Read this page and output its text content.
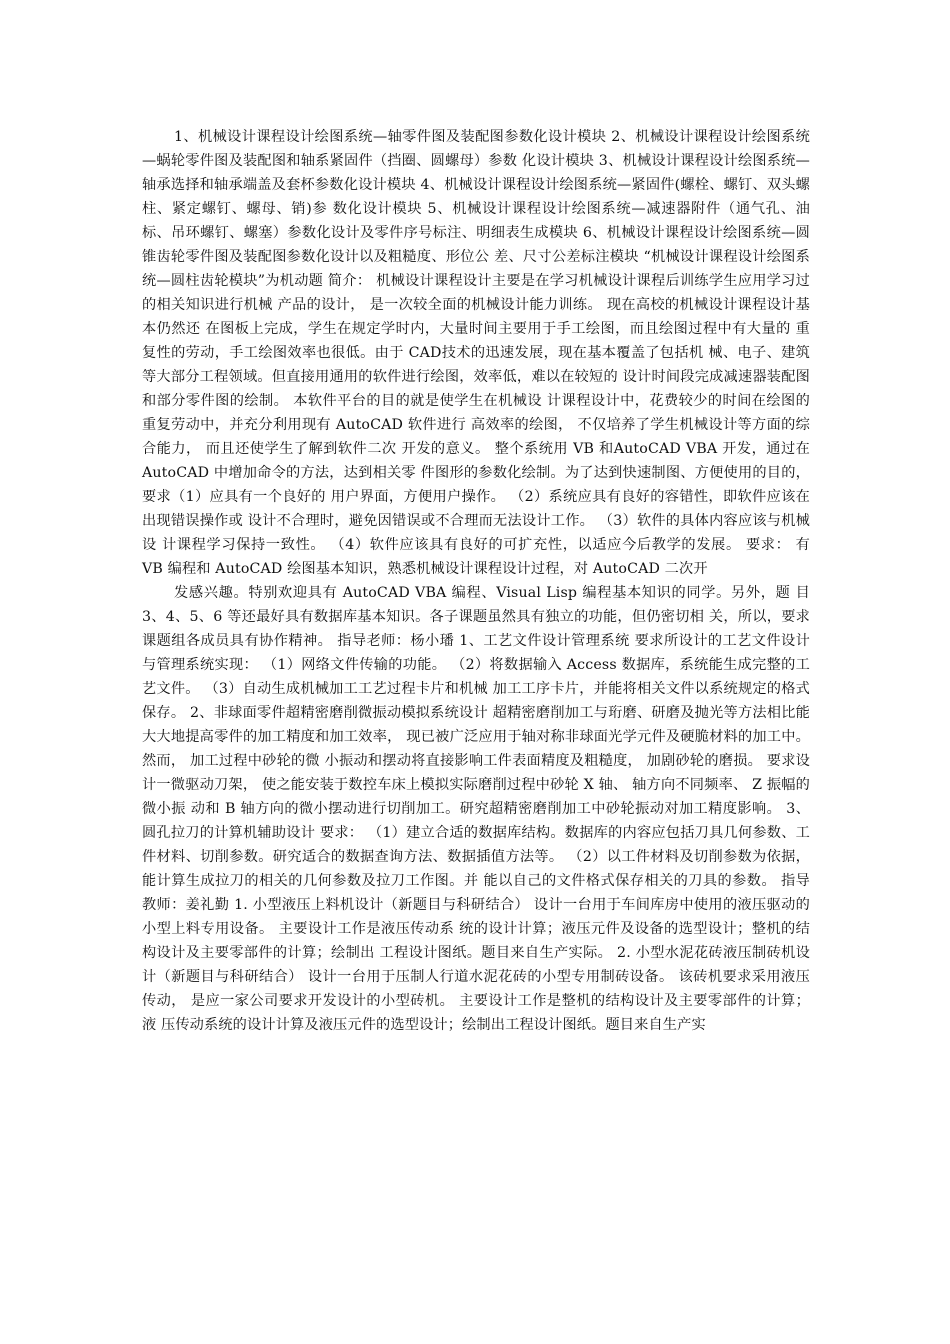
1、机械设计课程设计绘图系统—轴零件图及装配图参数化设计模块 2、机械设计课程设计绘图系统—蜗轮零件图及装配图和轴系紧固件（挡圈、圆螺母）参数 化设计模块 3、机械设计课程设计绘图系统—轴承选择和轴承端盖及套杯参数化设计模块 4、机械设计课程设计绘图系统—紧固件(螺栓、螺钉、双头螺柱、紧定螺钉、螺母、销)参 数化设计模块 5、机械设计课程设计绘图系统—减速器附件（通气孔、油标、吊环螺钉、螺塞）参数化设计及零件序号标注、明细表生成模块 6、机械设计课程设计绘图系统—圆锥齿轮零件图及装配图参数化设计以及粗糙度、形位公 差、尺寸公差标注模块 “机械设计课程设计绘图系统—圆柱齿轮模块”为机动题 简介： 机械设计课程设计主要是在学习机械设计课程后训练学生应用学习过的相关知识进行机械 产品的设计， 是一次较全面的机械设计能力训练。 现在高校的机械设计课程设计基本仍然还 在图板上完成，学生在规定学时内，大量时间主要用于手工绘图，而且绘图过程中有大量的 重复性的劳动，手工绘图效率也很低。由于 CAD技术的迅速发展，现在基本覆盖了包括机 械、电子、建筑等大部分工程领域。但直接用通用的软件进行绘图，效率低，难以在较短的 设计时间段完成减速器装配图和部分零件图的绘制。 本软件平台的目的就是使学生在机械设 计课程设计中，花费较少的时间在绘图的重复劳动中，并充分利用现有 AutoCAD 软件进行 高效率的绘图， 不仅培养了学生机械设计等方面的综合能力， 而且还使学生了解到软件二次 开发的意义。 整个系统用 VB 和AutoCAD VBA 开发，通过在 AutoCAD 中增加命令的方法，达到相关零 件图形的参数化绘制。为了达到快速制图、方便使用的目的，要求（1）应具有一个良好的 用户界面，方便用户操作。 （2）系统应具有良好的容错性，即软件应该在出现错误操作或 设计不合理时，避免因错误或不合理而无法设计工作。 （3）软件的具体内容应该与机械设 计课程学习保持一致性。 （4）软件应该具有良好的可扩充性，以适应今后教学的发展。 要求： 有 VB 编程和 AutoCAD 绘图基本知识，熟悉机械设计课程设计过程，对 AutoCAD 二次开

发感兴趣。特别欢迎具有 AutoCAD VBA 编程、Visual Lisp 编程基本知识的同学。另外，题 目 3、4、5、6 等还最好具有数据库基本知识。各子课题虽然具有独立的功能，但仍密切相 关，所以，要求课题组各成员具有协作精神。 指导老师：杨小璠 1、工艺文件设计管理系统 要求所设计的工艺文件设计与管理系统实现： （1）网络文件传输的功能。 （2）将数据输入 Access 数据库，系统能生成完整的工艺文件。 （3）自动生成机械加工工艺过程卡片和机械 加工工序卡片，并能将相关文件以系统规定的格式保存。 2、非球面零件超精密磨削微振动模拟系统设计 超精密磨削加工与珩磨、研磨及抛光等方法相比能大大地提高零件的加工精度和加工效率， 现已被广泛应用于轴对称非球面光学元件及硬脆材料的加工中。 然而， 加工过程中砂轮的微 小振动和摆动将直接影响工件表面精度及粗糙度， 加剧砂轮的磨损。 要求设计一微驱动刀架， 使之能安装于数控车床上模拟实际磨削过程中砂轮 X 轴、 轴方向不同频率、 Z 振幅的微小振 动和 B 轴方向的微小摆动进行切削加工。研究超精密磨削加工中砂轮振动对加工精度影响。 3、圆孔拉刀的计算机辅助设计 要求： （1）建立合适的数据库结构。数据库的内容应包括刀具几何参数、工件材料、切削参数。研究适合的数据查询方法、数据插值方法等。 （2）以工件材料及切削参数为依据，能计算生成拉刀的相关的几何参数及拉刀工作图。并 能以自己的文件格式保存相关的刀具的参数。 指导教师：姜礼勤 1. 小型液压上料机设计（新题目与科研结合） 设计一台用于车间库房中使用的液压驱动的小型上料专用设备。 主要设计工作是液压传动系 统的设计计算；液压元件及设备的选型设计；整机的结构设计及主要零部件的计算；绘制出 工程设计图纸。题目来自生产实际。 2. 小型水泥花砖液压制砖机设计（新题目与科研结合） 设计一台用于压制人行道水泥花砖的小型专用制砖设备。 该砖机要求采用液压传动， 是应一家公司要求开发设计的小型砖机。 主要设计工作是整机的结构设计及主要零部件的计算；液 压传动系统的设计计算及液压元件的选型设计；绘制出工程设计图纸。题目来自生产实
